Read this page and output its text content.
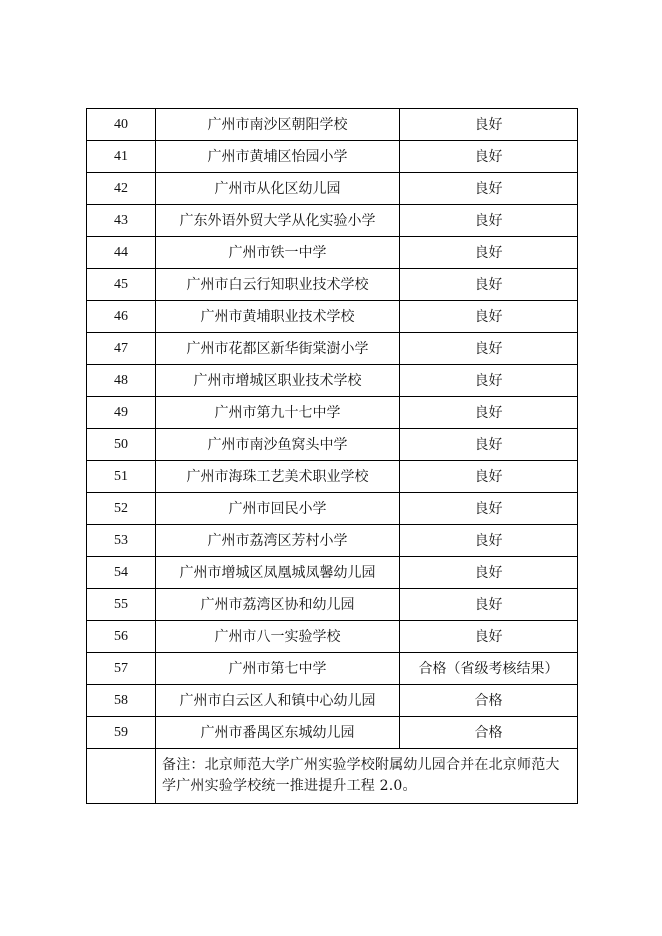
40	广州市南沙区朝阳学校	良好
41	广州市黄埔区怡园小学	良好
42	广州市从化区幼儿园	良好
43	广东外语外贸大学从化实验小学	良好
44	广州市铁一中学	良好
45	广州市白云行知职业技术学校	良好
46	广州市黄埔职业技术学校	良好
47	广州市花都区新华街棠澍小学	良好
48	广州市增城区职业技术学校	良好
49	广州市第九十七中学	良好
50	广州市南沙鱼窝头中学	良好
51	广州市海珠工艺美术职业学校	良好
52	广州市回民小学	良好
53	广州市荔湾区芳村小学	良好
54	广州市增城区凤凰城凤馨幼儿园	良好
55	广州市荔湾区协和幼儿园	良好
56	广州市八一实验学校	良好
57	广州市第七中学	合格（省级考核结果）
58	广州市白云区人和镇中心幼儿园	合格
59	广州市番禺区东城幼儿园	合格
	备注：北京师范大学广州实验学校附属幼儿园合并在北京师范大学广州实验学校统一推进提升工程 2.0。	
